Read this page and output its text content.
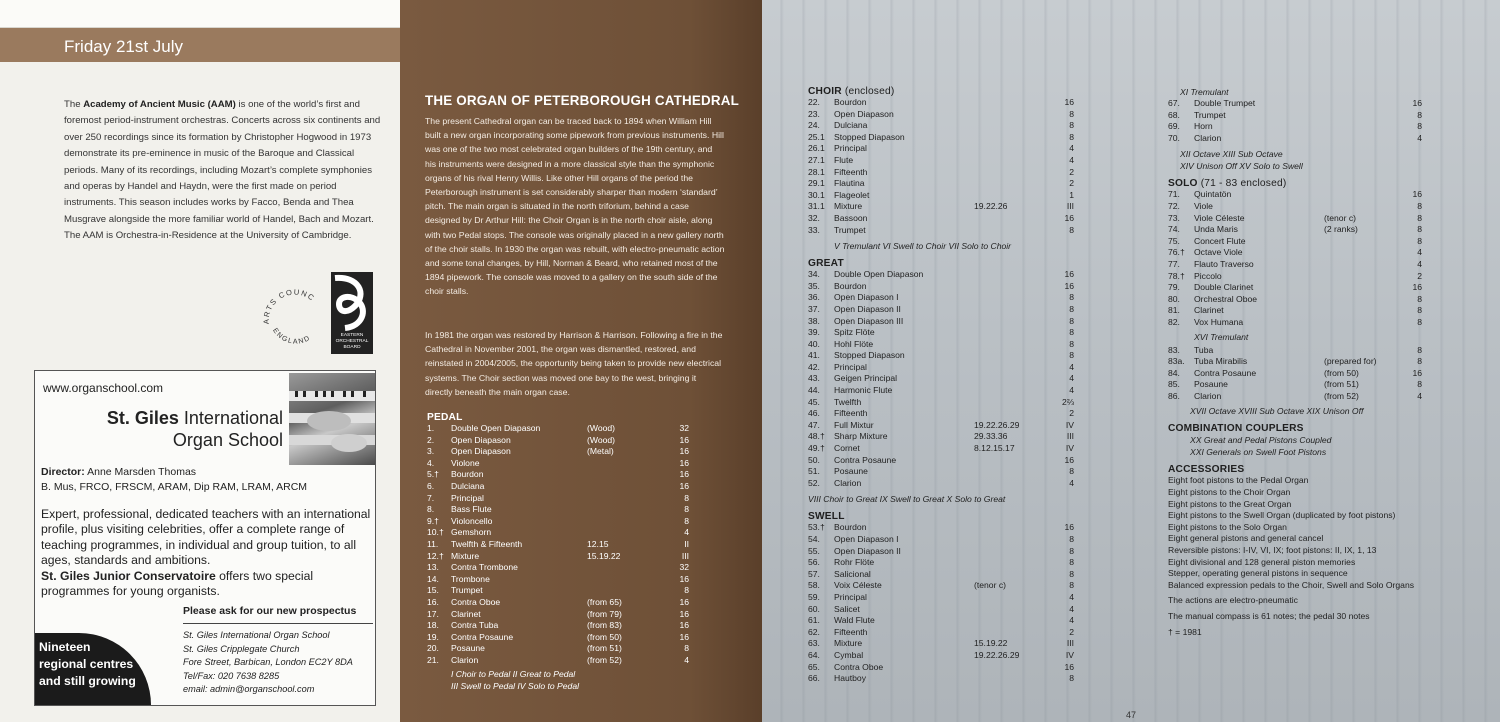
Friday 21st July
The Academy of Ancient Music (AAM) is one of the world’s first and foremost period-instrument orchestras. Concerts across six continents and over 250 recordings since its formation by Christopher Hogwood in 1973 demonstrate its pre-eminence in music of the Baroque and Classical periods. Many of its recordings, including Mozart’s complete symphonies and operas by Handel and Haydn, were the first made on period instruments. This season includes works by Facco, Benda and Thea Musgrave alongside the more familiar world of Handel, Bach and Mozart.
The AAM is Orchestra-in-Residence at the University of Cambridge.
ARTS COUNC
ENGLAND	EASTERN
ORCHESTRAL
BOARD
www.organschool.com
St. Giles International
Organ School
Director: Anne Marsden Thomas
B. Mus, FRCO, FRSCM, ARAM, Dip RAM, LRAM, ARCM
Expert, professional, dedicated teachers with an international profile, plus visiting celebrities, offer a complete range of teaching programmes, in individual and group tuition, to all ages, standards and ambitions.
St. Giles Junior Conservatoire offers two special programmes for young organists.
Please ask for our new prospectus
St. Giles International Organ School
St. Giles Cripplegate Church
Fore Street, Barbican, London EC2Y 8DA
Tel/Fax: 020 7638 8285
email: admin@organschool.com
Nineteen
regional centres
and still growing
THE ORGAN OF PETERBOROUGH CATHEDRAL
The present Cathedral organ can be traced back to 1894 when William Hill built a new organ incorporating some pipework from previous instruments. Hill was one of the two most celebrated organ builders of the 19th century, and his instruments were designed in a more classical style than the symphonic organs of his rival Henry Willis. Like other Hill organs of the period the Peterborough instrument is set considerably sharper than modern ‘standard’ pitch. The main organ is situated in the north triforium, behind a case designed by Dr Arthur Hill: the Choir Organ is in the north choir aisle, along with two Pedal stops. The console was originally placed in a new gallery north of the choir stalls. In 1930 the organ was rebuilt, with electro-pneumatic action and some tonal changes, by Hill, Norman & Beard, who retained most of the 1894 pipework. The console was moved to a gallery on the south side of the choir stalls.
In 1981 the organ was restored by Harrison & Harrison. Following a fire in the Cathedral in November 2001, the organ was dismantled, restored, and reinstated in 2004/2005, the opportunity being taken to provide new electrical systems. The Choir section was moved one bay to the west, bringing it directly beneath the main organ case.
PEDAL
1.	Double Open Diapason	(Wood)	32
2.	Open Diapason	(Wood)	16
3.	Open Diapason	(Metal)	16
4.	Violone		16
5.†	Bourdon		16
6.	Dulciana		16
7.	Principal		8
8.	Bass Flute		8
9.†	Violoncello		8
10.†	Gemshorn		4
11.	Twelfth & Fifteenth	12.15	II
12.†	Mixture	15.19.22	III
13.	Contra Trombone		32
14.	Trombone		16
15.	Trumpet		8
16.	Contra Oboe	(from 65)	16
17.	Clarinet	(from 79)	16
18.	Contra Tuba	(from 83)	16
19.	Contra Posaune	(from 50)	16
20.	Posaune	(from 51)	8
21.	Clarion	(from 52)	4
I Choir to Pedal II Great to Pedal
III Swell to Pedal IV Solo to Pedal
CHOIR (enclosed)
22.	Bourdon		16
23.	Open Diapason		8
24.	Dulciana		8
25.1	Stopped Diapason		8
26.1	Principal		4
27.1	Flute		4
28.1	Fifteenth		2
29.1	Flautina		2
30.1	Flageolet		1
31.1	Mixture	19.22.26	III
32.	Bassoon		16
33.	Trumpet		8
V Tremulant VI Swell to Choir VII Solo to Choir
GREAT
34.	Double Open Diapason		16
35.	Bourdon		16
36.	Open Diapason I		8
37.	Open Diapason II		8
38.	Open Diapason III		8
39.	Spitz Flöte		8
40.	Hohl Flöte		8
41.	Stopped Diapason		8
42.	Principal		4
43.	Geigen Principal		4
44.	Harmonic Flute		4
45.	Twelfth		2⅔
46.	Fifteenth		2
47.	Full Mixtur	19.22.26.29	IV
48.†	Sharp Mixture	29.33.36	III
49.†	Cornet	8.12.15.17	IV
50.	Contra Posaune		16
51.	Posaune		8
52.	Clarion		4
VIII Choir to Great IX Swell to Great X Solo to Great
SWELL
53.†	Bourdon		16
54.	Open Diapason I		8
55.	Open Diapason II		8
56.	Rohr Flöte		8
57.	Salicional		8
58.	Voix Céleste	(tenor c)	8
59.	Principal		4
60.	Salicet		4
61.	Wald Flute		4
62.	Fifteenth		2
63.	Mixture	15.19.22	III
64.	Cymbal	19.22.26.29	IV
65.	Contra Oboe		16
66.	Hautboy		8
XI Tremulant
67.	Double Trumpet		16
68.	Trumpet		8
69.	Horn		8
70.	Clarion		4
XII Octave XIII Sub Octave
XIV Unison Off XV Solo to Swell
SOLO (71 - 83 enclosed)
71.	Quintatön		16
72.	Viole		8
73.	Viole Céleste	(tenor c)	8
74.	Unda Maris	(2 ranks)	8
75.	Concert Flute		8
76.†	Octave Viole		4
77.	Flauto Traverso		4
78.†	Piccolo		2
79.	Double Clarinet		16
80.	Orchestral Oboe		8
81.	Clarinet		8
82.	Vox Humana		8
XVI Tremulant
83.	Tuba		8
83a.	Tuba Mirabilis	(prepared for)	8
84.	Contra Posaune	(from 50)	16
85.	Posaune	(from 51)	8
86.	Clarion	(from 52)	4
XVII Octave XVIII Sub Octave XIX Unison Off
COMBINATION COUPLERS
XX Great and Pedal Pistons Coupled
XXI Generals on Swell Foot Pistons
ACCESSORIES
Eight foot pistons to the Pedal Organ
Eight pistons to the Choir Organ
Eight pistons to the Great Organ
Eight pistons to the Swell Organ (duplicated by foot pistons)
Eight pistons to the Solo Organ
Eight general pistons and general cancel
Reversible pistons: I-IV, VI, IX; foot pistons: II, IX, 1, 13
Eight divisional and 128 general piston memories
Stepper, operating general pistons in sequence
Balanced expression pedals to the Choir, Swell and Solo Organs
The actions are electro-pneumatic
The manual compass is 61 notes; the pedal 30 notes
† = 1981
47
